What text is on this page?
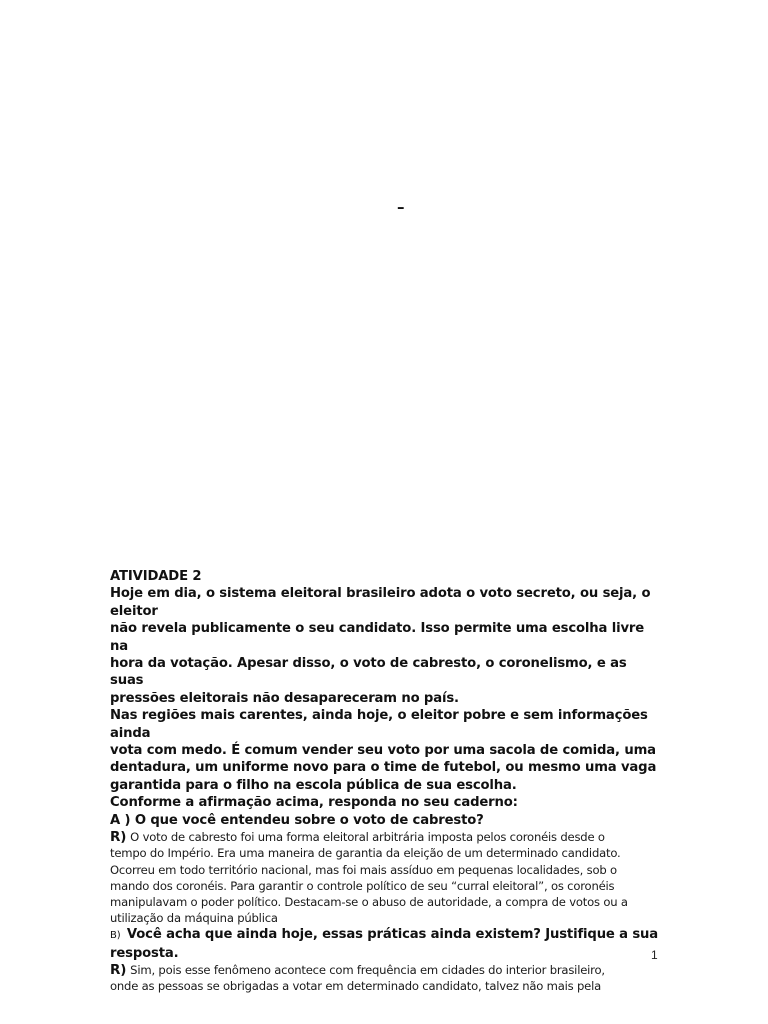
–

ATIVIDADE 2

Hoje em dia, o sistema eleitoral brasileiro adota o voto secreto, ou seja, o eleitor

não revela publicamente o seu candidato. Isso permite uma escolha livre na

hora da votação. Apesar disso, o voto de cabresto, o coronelismo, e as suas

pressões eleitorais não desapareceram no país.

Nas regiões mais carentes, ainda hoje, o eleitor pobre e sem informações ainda

vota com medo. É comum vender seu voto por uma sacola de comida, uma

dentadura, um uniforme novo para o time de futebol, ou mesmo uma vaga

garantida para o filho na escola pública de sua escolha.

Conforme a afirmação acima, responda no seu caderno:

A ) O que você entendeu sobre o voto de cabresto?

R) O voto de cabresto foi uma forma eleitoral arbitrária imposta pelos coronéis desde o

tempo do Império. Era uma maneira de garantia da eleição de um determinado candidato.

Ocorreu em todo território nacional, mas foi mais assíduo em pequenas localidades, sob o

mando dos coronéis. Para garantir o controle político de seu “curral eleitoral”, os coronéis

manipulavam o poder político. Destacam-se o abuso de autoridade, a compra de votos ou a

utilização da máquina pública

B) Você acha que ainda hoje, essas práticas ainda existem? Justifique a sua

resposta.

R) Sim, pois esse fenômeno acontece com frequência em cidades do interior brasileiro,

onde as pessoas se obrigadas a votar em determinado candidato, talvez não mais pela

1
